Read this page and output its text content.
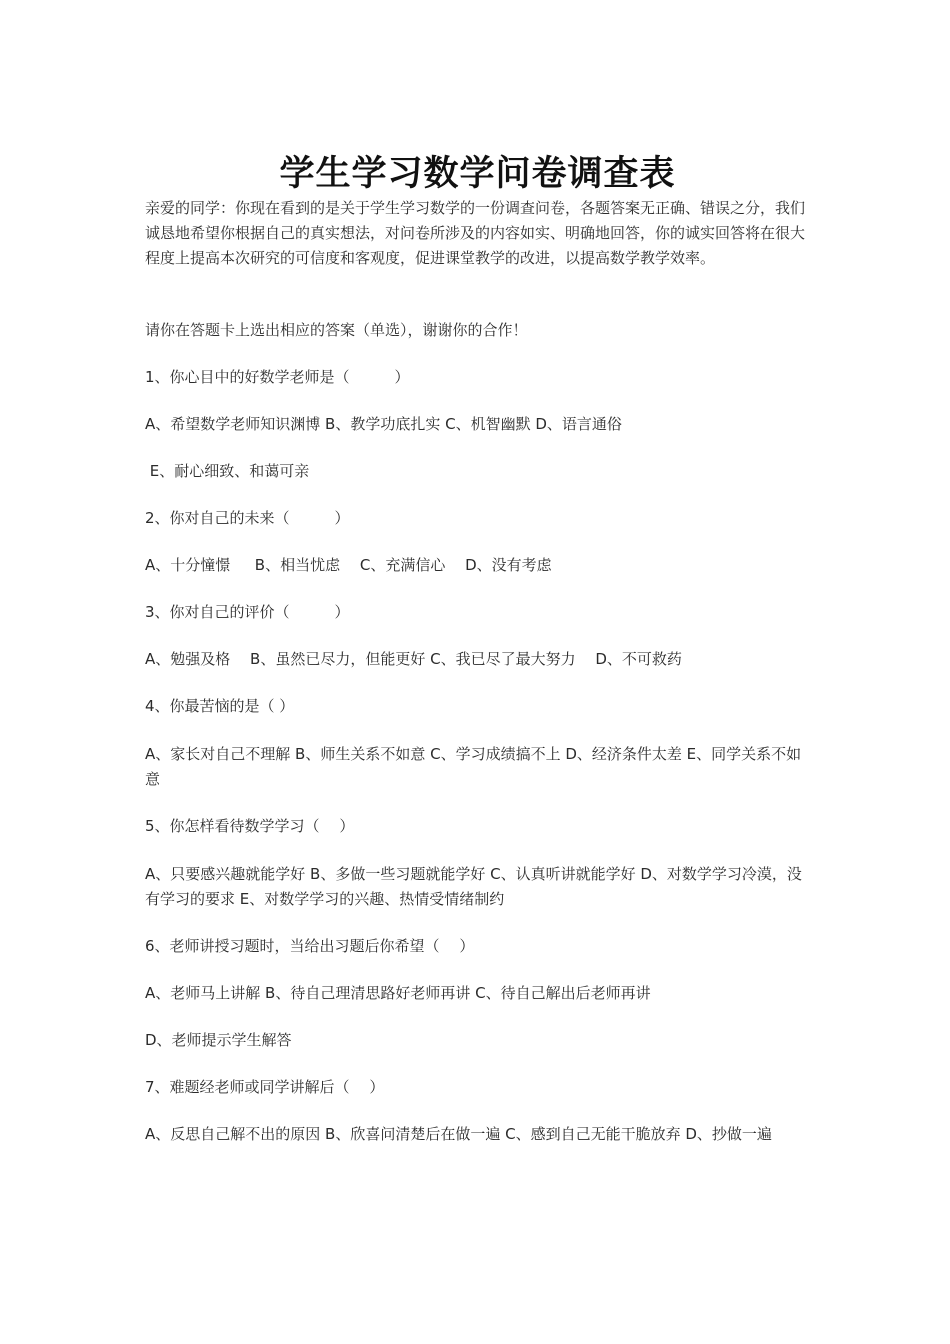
学生学习数学问卷调查表

亲爱的同学：你现在看到的是关于学生学习数学的一份调查问卷，各题答案无正确、错误之分，我们诚恳地希望你根据自己的真实想法，对问卷所涉及的内容如实、明确地回答，你的诚实回答将在很大程度上提高本次研究的可信度和客观度，促进课堂教学的改进，以提高数学教学效率。

请你在答题卡上选出相应的答案（单选），谢谢你的合作！

1、你心目中的好数学老师是（　　　）

A、希望数学老师知识渊博 B、教学功底扎实 C、机智幽默 D、语言通俗

E、耐心细致、和蔼可亲

2、你对自己的未来（　　　）

A、十分憧憬　  B、相当忧虑　 C、充满信心　 D、没有考虑

3、你对自己的评价（　　　）

A、勉强及格　 B、虽然已尽力，但能更好 C、我已尽了最大努力　 D、不可救药

4、你最苦恼的是（ ）

A、家长对自己不理解 B、师生关系不如意 C、学习成绩搞不上 D、经济条件太差 E、同学关系不如意

5、你怎样看待数学学习（　 ）

A、只要感兴趣就能学好 B、多做一些习题就能学好 C、认真听讲就能学好 D、对数学学习冷漠，没有学习的要求 E、对数学学习的兴趣、热情受情绪制约

6、老师讲授习题时，当给出习题后你希望（　 ）

A、老师马上讲解 B、待自己理清思路好老师再讲 C、待自己解出后老师再讲

D、老师提示学生解答

7、难题经老师或同学讲解后（　 ）

A、反思自己解不出的原因 B、欣喜问清楚后在做一遍 C、感到自己无能干脆放弃 D、抄做一遍
